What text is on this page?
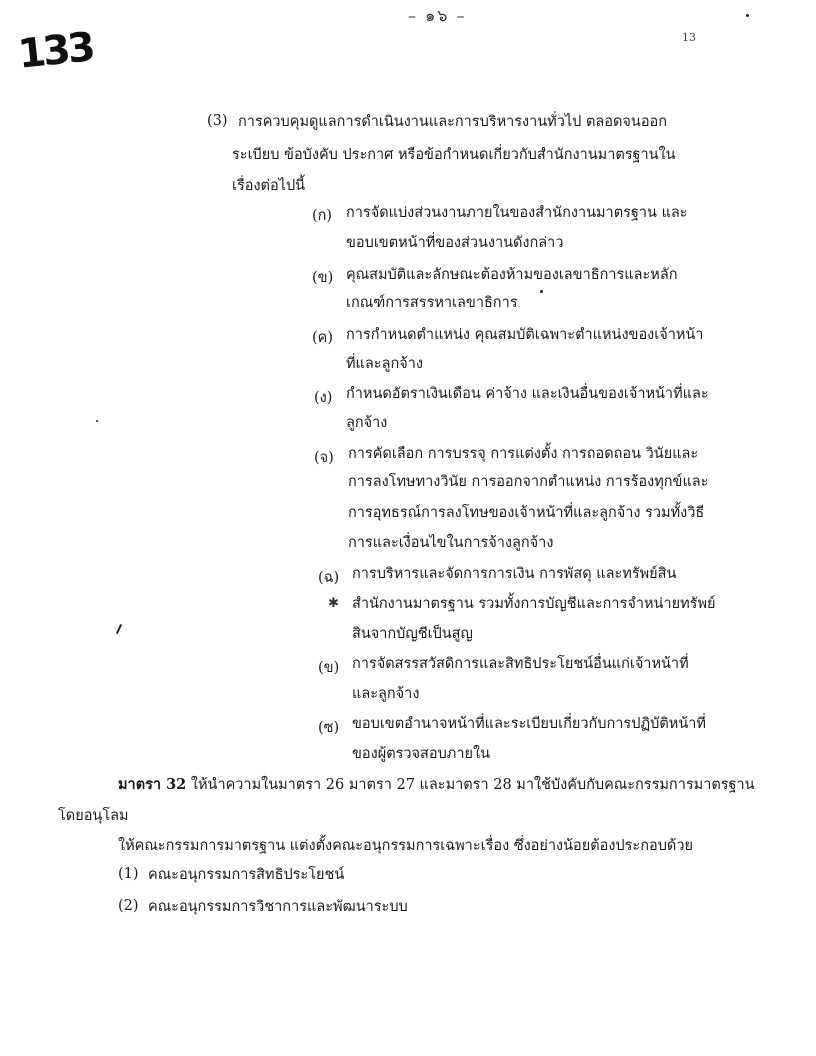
133
– ๑๖ –
13
(3) การควบคุมดูแลการดำเนินงานและการบริหารงานทั่วไป ตลอดจนออก
ระเบียบ ข้อบังคับ ประกาศ หรือข้อกำหนดเกี่ยวกับสำนักงานมาตรฐานใน
เรื่องต่อไปนี้
(ก) การจัดแบ่งส่วนงานภายในของสำนักงานมาตรฐาน และ
ขอบเขตหน้าที่ของส่วนงานดังกล่าว
(ข) คุณสมบัติและลักษณะต้องห้ามของเลขาธิการและหลัก
เกณฑ์การสรรหาเลขาธิการ
(ค) การกำหนดตำแหน่ง คุณสมบัติเฉพาะตำแหน่งของเจ้าหน้า
ที่และลูกจ้าง
(ง) กำหนดอัตราเงินเดือน ค่าจ้าง และเงินอื่นของเจ้าหน้าที่และ
ลูกจ้าง
(จ) การคัดเลือก การบรรจุ การแต่งตั้ง การถอดถอน วินัยและ
การลงโทษทางวินัย การออกจากตำแหน่ง การร้องทุกข์และ
การอุทธรณ์การลงโทษของเจ้าหน้าที่และลูกจ้าง รวมทั้งวิธี
การและเงื่อนไขในการจ้างลูกจ้าง
(ฉ) การบริหารและจัดการการเงิน การพัสดุ และทรัพย์สิน
สำนักงานมาตรฐาน รวมทั้งการบัญชีและการจำหน่ายทรัพย์
สินจากบัญชีเป็นสูญ
✱
(ข) การจัดสรรสวัสดิการและสิทธิประโยชน์อื่นแก่เจ้าหน้าที่
และลูกจ้าง
(ซ) ขอบเขตอำนาจหน้าที่และระเบียบเกี่ยวกับการปฏิบัติหน้าที่
ของผู้ตรวจสอบภายใน
มาตรา 32 ให้นำความในมาตรา 26 มาตรา 27 และมาตรา 28 มาใช้บังคับกับคณะกรรมการมาตรฐาน
โดยอนุโลม
ให้คณะกรรมการมาตรฐาน แต่งตั้งคณะอนุกรรมการเฉพาะเรื่อง ซึ่งอย่างน้อยต้องประกอบด้วย
(1) คณะอนุกรรมการสิทธิประโยชน์
(2) คณะอนุกรรมการวิชาการและพัฒนาระบบ
